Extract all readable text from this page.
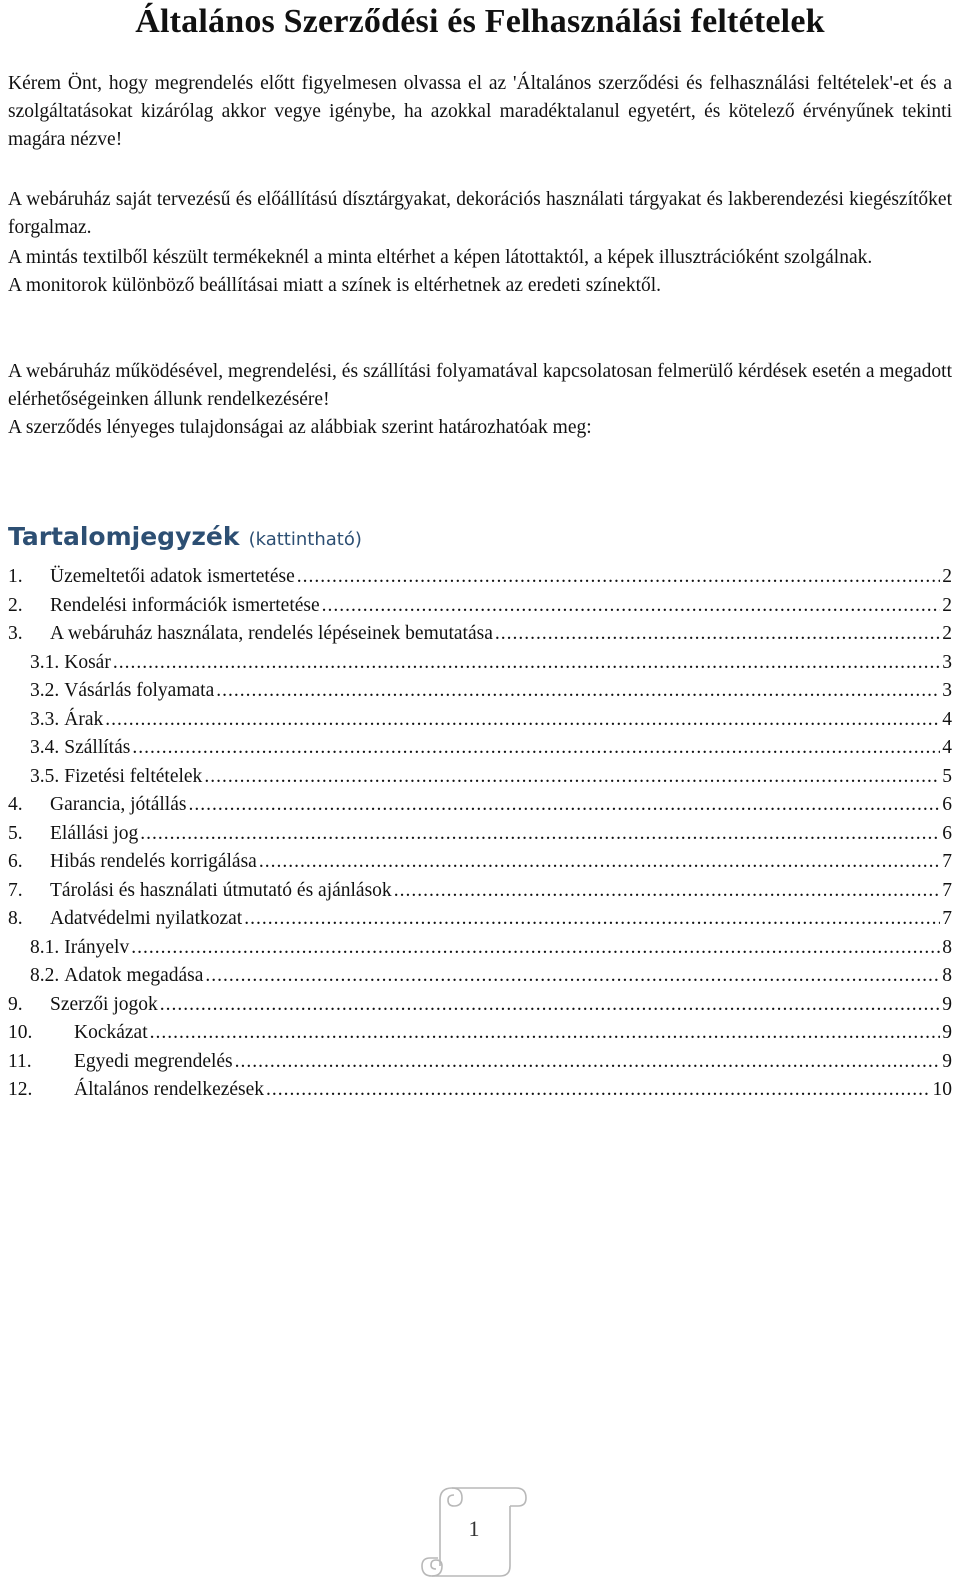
Általános Szerződési és Felhasználási feltételek

Kérem Önt, hogy megrendelés előtt figyelmesen olvassa el az 'Általános szerződési és felhasználási feltételek'-et és a szolgáltatásokat kizárólag akkor vegye igénybe, ha azokkal maradéktalanul egyetért, és kötelező érvényűnek tekinti magára nézve!

A webáruház saját tervezésű és előállítású dísztárgyakat, dekorációs használati tárgyakat és lakberendezési kiegészítőket forgalmaz.

A mintás textilből készült termékeknél a minta eltérhet a képen látottaktól, a képek illusztrációként szolgálnak.
A monitorok különböző beállításai miatt a színek is eltérhetnek az eredeti színektől.

A webáruház működésével, megrendelési, és szállítási folyamatával kapcsolatosan felmerülő kérdések esetén a megadott elérhetőségeinken állunk rendelkezésére!
A szerződés lényeges tulajdonságai az alábbiak szerint határozhatóak meg:

Tartalomjegyzék (kattintható)
1.	Üzemeltetői adatok ismertetése .....	2
2.	Rendelési információk ismertetése .....	2
3.	A webáruház használata, rendelés lépéseinek bemutatása .....	2
3.1. Kosár .....	3
3.2. Vásárlás folyamata .....	3
3.3. Árak .....	4
3.4. Szállítás .....	4
3.5. Fizetési feltételek .....	5
4.	Garancia, jótállás .....	6
5.	Elállási jog .....	6
6.	Hibás rendelés korrigálása .....	7
7.	Tárolási és használati útmutató és ajánlások .....	7
8.	Adatvédelmi nyilatkozat .....	7
8.1. Irányelv .....	8
8.2. Adatok megadása .....	8
9.	Szerzői jogok .....	9
10.	Kockázat .....	9
11.	Egyedi megrendelés .....	9
12.	Általános rendelkezések .....	10
1
